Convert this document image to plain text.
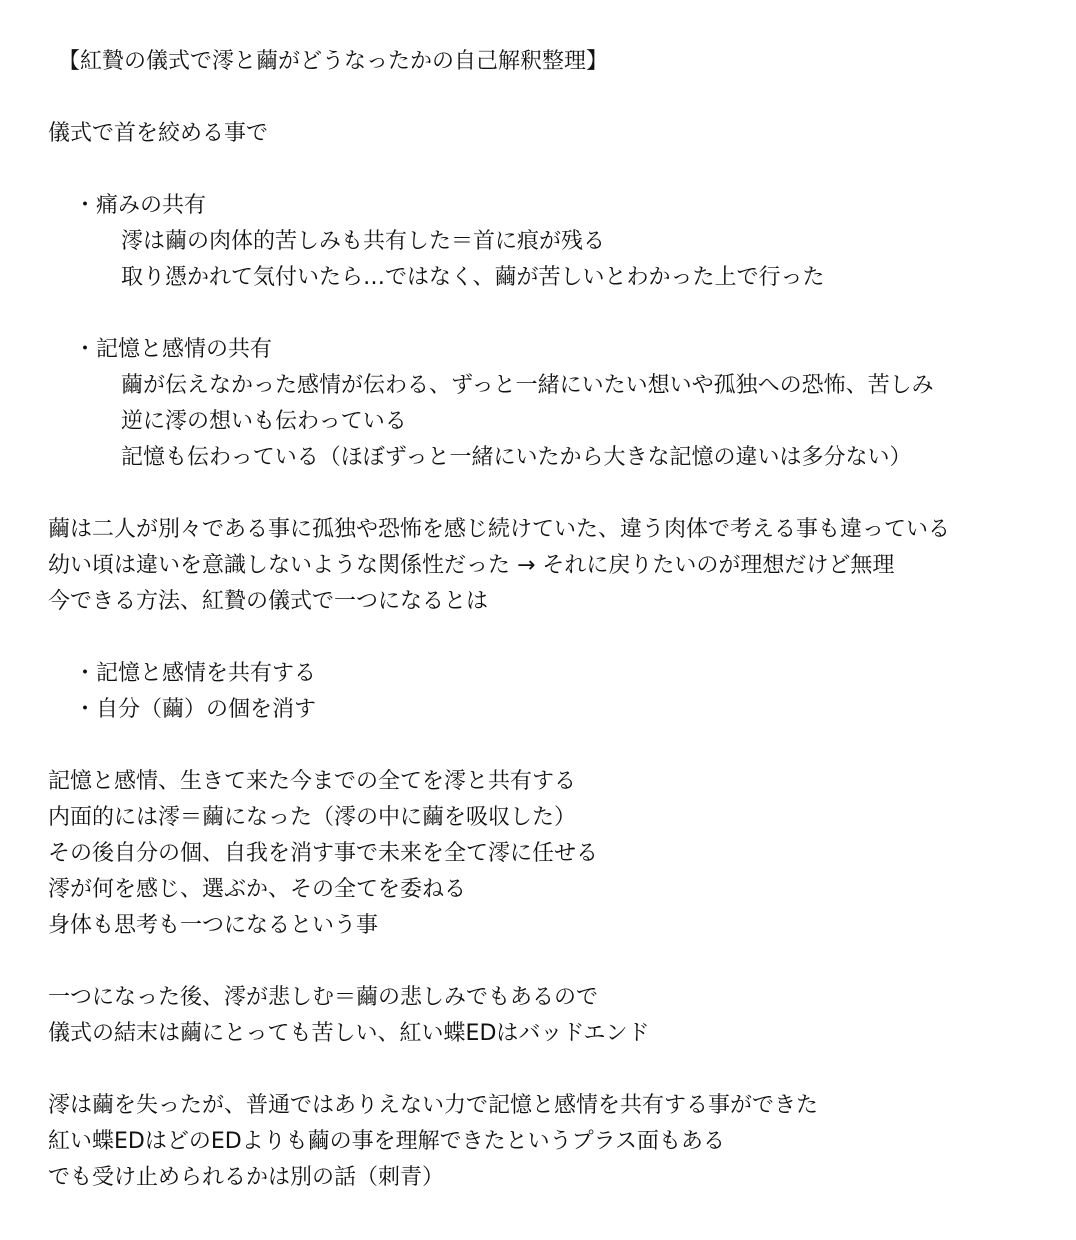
【紅贄の儀式で澪と繭がどうなったかの自己解釈整理】
儀式で首を絞める事で
・痛みの共有
澪は繭の肉体的苦しみも共有した＝首に痕が残る
取り憑かれて気付いたら…ではなく、繭が苦しいとわかった上で行った
・記憶と感情の共有
繭が伝えなかった感情が伝わる、ずっと一緒にいたい想いや孤独への恐怖、苦しみ
逆に澪の想いも伝わっている
記憶も伝わっている（ほぼずっと一緒にいたから大きな記憶の違いは多分ない）
繭は二人が別々である事に孤独や恐怖を感じ続けていた、違う肉体で考える事も違っている
幼い頃は違いを意識しないような関係性だった → それに戻りたいのが理想だけど無理
今できる方法、紅贄の儀式で一つになるとは
・記憶と感情を共有する
・自分（繭）の個を消す
記憶と感情、生きて来た今までの全てを澪と共有する
内面的には澪＝繭になった（澪の中に繭を吸収した）
その後自分の個、自我を消す事で未来を全て澪に任せる
澪が何を感じ、選ぶか、その全てを委ねる
身体も思考も一つになるという事
一つになった後、澪が悲しむ＝繭の悲しみでもあるので
儀式の結末は繭にとっても苦しい、紅い蝶EDはバッドエンド
澪は繭を失ったが、普通ではありえない力で記憶と感情を共有する事ができた
紅い蝶EDはどのEDよりも繭の事を理解できたというプラス面もある
でも受け止められるかは別の話（刺青）
